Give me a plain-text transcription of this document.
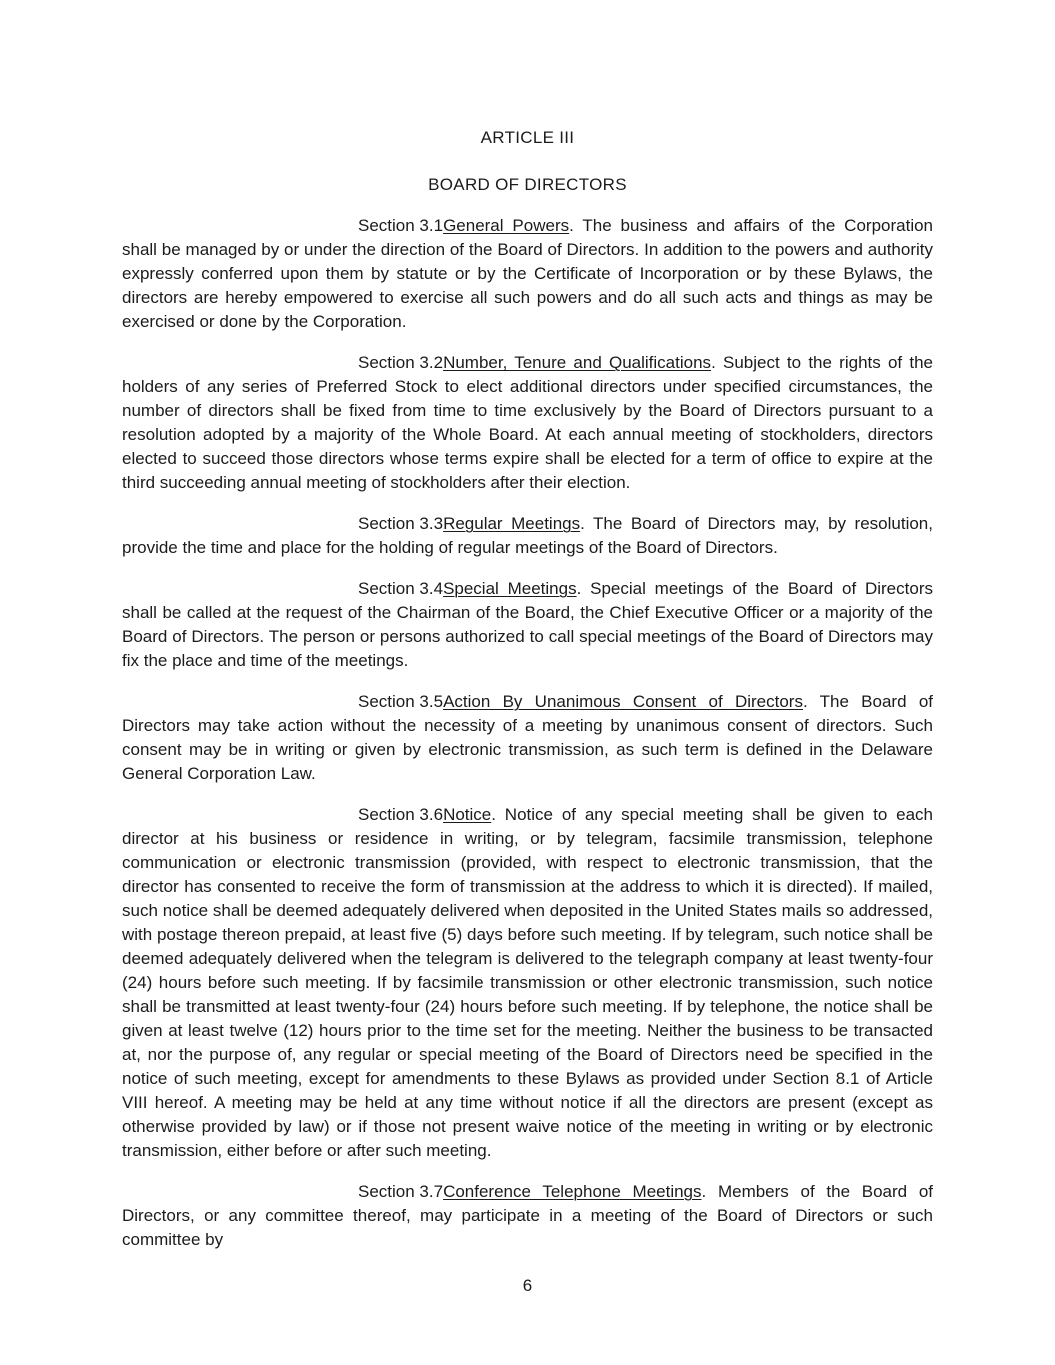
ARTICLE III
BOARD OF DIRECTORS

Section 3.1General Powers. The business and affairs of the Corporation shall be managed by or under the direction of the Board of Directors. In addition to the powers and authority expressly conferred upon them by statute or by the Certificate of Incorporation or by these Bylaws, the directors are hereby empowered to exercise all such powers and do all such acts and things as may be exercised or done by the Corporation.

Section 3.2Number, Tenure and Qualifications. Subject to the rights of the holders of any series of Preferred Stock to elect additional directors under specified circumstances, the number of directors shall be fixed from time to time exclusively by the Board of Directors pursuant to a resolution adopted by a majority of the Whole Board. At each annual meeting of stockholders, directors elected to succeed those directors whose terms expire shall be elected for a term of office to expire at the third succeeding annual meeting of stockholders after their election.

Section 3.3Regular Meetings. The Board of Directors may, by resolution, provide the time and place for the holding of regular meetings of the Board of Directors.

Section 3.4Special Meetings. Special meetings of the Board of Directors shall be called at the request of the Chairman of the Board, the Chief Executive Officer or a majority of the Board of Directors. The person or persons authorized to call special meetings of the Board of Directors may fix the place and time of the meetings.

Section 3.5Action By Unanimous Consent of Directors. The Board of Directors may take action without the necessity of a meeting by unanimous consent of directors. Such consent may be in writing or given by electronic transmission, as such term is defined in the Delaware General Corporation Law.

Section 3.6Notice. Notice of any special meeting shall be given to each director at his business or residence in writing, or by telegram, facsimile transmission, telephone communication or electronic transmission (provided, with respect to electronic transmission, that the director has consented to receive the form of transmission at the address to which it is directed). If mailed, such notice shall be deemed adequately delivered when deposited in the United States mails so addressed, with postage thereon prepaid, at least five (5) days before such meeting. If by telegram, such notice shall be deemed adequately delivered when the telegram is delivered to the telegraph company at least twenty-four (24) hours before such meeting. If by facsimile transmission or other electronic transmission, such notice shall be transmitted at least twenty-four (24) hours before such meeting. If by telephone, the notice shall be given at least twelve (12) hours prior to the time set for the meeting. Neither the business to be transacted at, nor the purpose of, any regular or special meeting of the Board of Directors need be specified in the notice of such meeting, except for amendments to these Bylaws as provided under Section 8.1 of Article VIII hereof. A meeting may be held at any time without notice if all the directors are present (except as otherwise provided by law) or if those not present waive notice of the meeting in writing or by electronic transmission, either before or after such meeting.

Section 3.7Conference Telephone Meetings. Members of the Board of Directors, or any committee thereof, may participate in a meeting of the Board of Directors or such committee by

6
